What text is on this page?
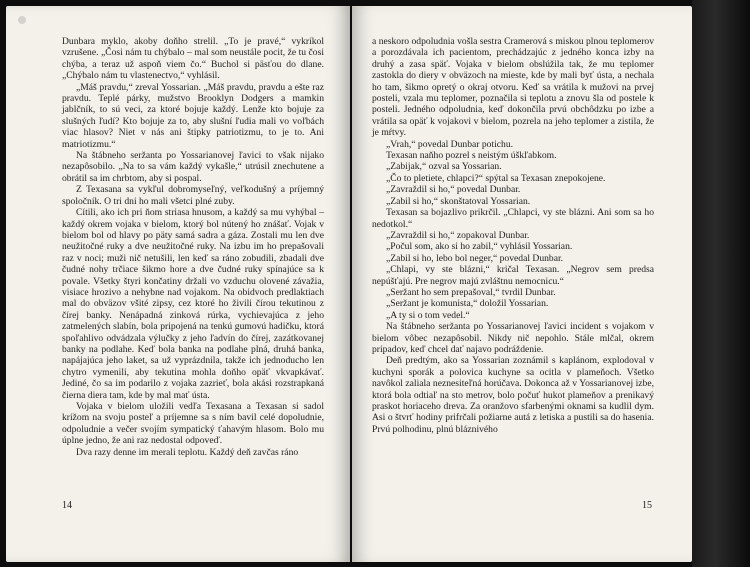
Dunbara myklo, akoby doňho strelil. „To je pravé,“ vykríkol vzrušene. „Čosi nám tu chýbalo – mal som neustále pocit, že tu čosi chýba, a teraz už aspoň viem čo.“ Buchol si päsťou do dlane. „Chýbalo nám tu vlastenectvo,“ vyhlásil.

„Máš pravdu,“ zreval Yossarian. „Máš pravdu, pravdu a ešte raz pravdu. Teplé párky, mužstvo Brooklyn Dodgers a mamkin jablčník, to sú veci, za ktoré bojuje každý. Lenže kto bojuje za slušných ľudí? Kto bojuje za to, aby slušní ľudia mali vo voľbách viac hlasov? Niet v nás ani štipky patriotizmu, to je to. Ani matriotizmu.“

Na štábneho seržanta po Yossarianovej ľavici to však nijako nezapôsobilo. „Na to sa vám každý vykašle,“ utrúsil znechutene a obrátil sa im chrbtom, aby si pospal.

Z Texasana sa vykľul dobromyseľný, veľkodušný a príjemný spoločník. O tri dni ho mali všetci plné zuby.

Cítili, ako ich pri ňom striasa hnusom, a každý sa mu vyhýbal – každý okrem vojaka v bielom, ktorý bol nútený ho znášať. Vojak v bielom bol od hlavy po päty samá sadra a gáza. Zostali mu len dve neužitočné ruky a dve neužitočné ruky. Na izbu im ho prepašovali raz v noci; muži nič netušili, len keď sa ráno zobudili, zbadali dve čudné nohy trčiace šikmo hore a dve čudné ruky spínajúce sa k povale. Všetky štyri končatiny držali vo vzduchu olovené závažia, visiace hrozivo a nehybne nad vojakom. Na obidvoch predlaktiach mal do obväzov všité zipsy, cez ktoré ho živili čírou tekutinou z čírej banky. Nenápadná zinková rúrka, vychievajúca z jeho zatmelených slabín, bola pripojená na tenkú gumovú hadičku, ktorá spoľahlivo odvádzala výlučky z jeho ľadvín do čírej, zazátkovanej banky na podlahe. Keď bola banka na podlahe plná, druhá banka, napájajúca jeho laket, sa už vyprázdnila, takže ich jednoducho len chytro vymenili, aby tekutina mohla doňho opäť vkvapkávať. Jediné, čo sa im podarilo z vojaka zazrieť, bola akási rozstrapkaná čierna diera tam, kde by mal mať ústa.

Vojaka v bielom uložili vedľa Texasana a Texasan si sadol krížom na svoju posteľ a príjemne sa s ním bavil celé dopoludnie, odpoludnie a večer svojím sympatický ťahavým hlasom. Bolo mu úplne jedno, že ani raz nedostal odpoveď.

Dva razy denne im merali teplotu. Každý deň zavčas ráno

14

a neskoro odpoludnia vošla sestra Cramerová s miskou plnou teplomerov a porozdávala ich pacientom, prechádzajúc z jedného konca izby na druhý a zasa späť. Vojaka v bielom obslúžila tak, že mu teplomer zastokla do diery v obväzoch na mieste, kde by mali byť ústa, a nechala ho tam, šikmo opretý o okraj otvoru. Keď sa vrátila k mužovi na prvej posteli, vzala mu teplomer, poznačila si teplotu a znovu šla od postele k posteli. Jedného odpoludnia, keď dokončila prvú obchôdzku po izbe a vrátila sa opäť k vojakovi v bielom, pozrela na jeho teplomer a zistila, že je mŕtvy.

„Vrah,“ povedal Dunbar potichu.

Texasan naňho pozrel s neistým úškľabkom.

„Zabijak,“ ozval sa Yossarian.

„Čo to pletiete, chlapci?“ spýtal sa Texasan znepokojene.

„Zavraždil si ho,“ povedal Dunbar.

„Zabil si ho,“ skonštatoval Yossarian.

Texasan sa bojazlivo prikrčil. „Chlapci, vy ste blázni. Ani som sa ho nedotkol.“

„Zavraždil si ho,“ zopakoval Dunbar.

„Počul som, ako si ho zabil,“ vyhlásil Yossarian.

„Zabil si ho, lebo bol neger,“ povedal Dunbar.

„Chlapi, vy ste blázni,“ kričal Texasan. „Negrov sem predsa nepúšťajú. Pre negrov majú zvláštnu nemocnicu.“

„Seržant ho sem prepašoval,“ tvrdil Dunbar.

„Seržant je komunista,“ doložil Yossarian.

„A ty si o tom vedel.“

Na štábneho seržanta po Yossarianovej ľavici incident s vojakom v bielom vôbec nezapôsobil. Nikdy nič nepohlo. Stále mlčal, okrem prípadov, keď chcel dať najavo podráždenie.

Deň predtým, ako sa Yossarian zoznámil s kaplánom, explodoval v kuchyni sporák a polovica kuchyne sa ocitla v plameňoch. Všetko navôkol zaliala neznesiteľná horúčava. Dokonca až v Yossarianovej izbe, ktorá bola odtiaľ na sto metrov, bolo počuť hukot plameňov a prenikavý praskot horiaceho dreva. Za oranžovo sfarbenými oknami sa kudlil dym. Asi o štvrť hodiny prifrčali požiarne autá z letiska a pustili sa do hasenia. Prvú polhodinu, plnú bláznivého

15
